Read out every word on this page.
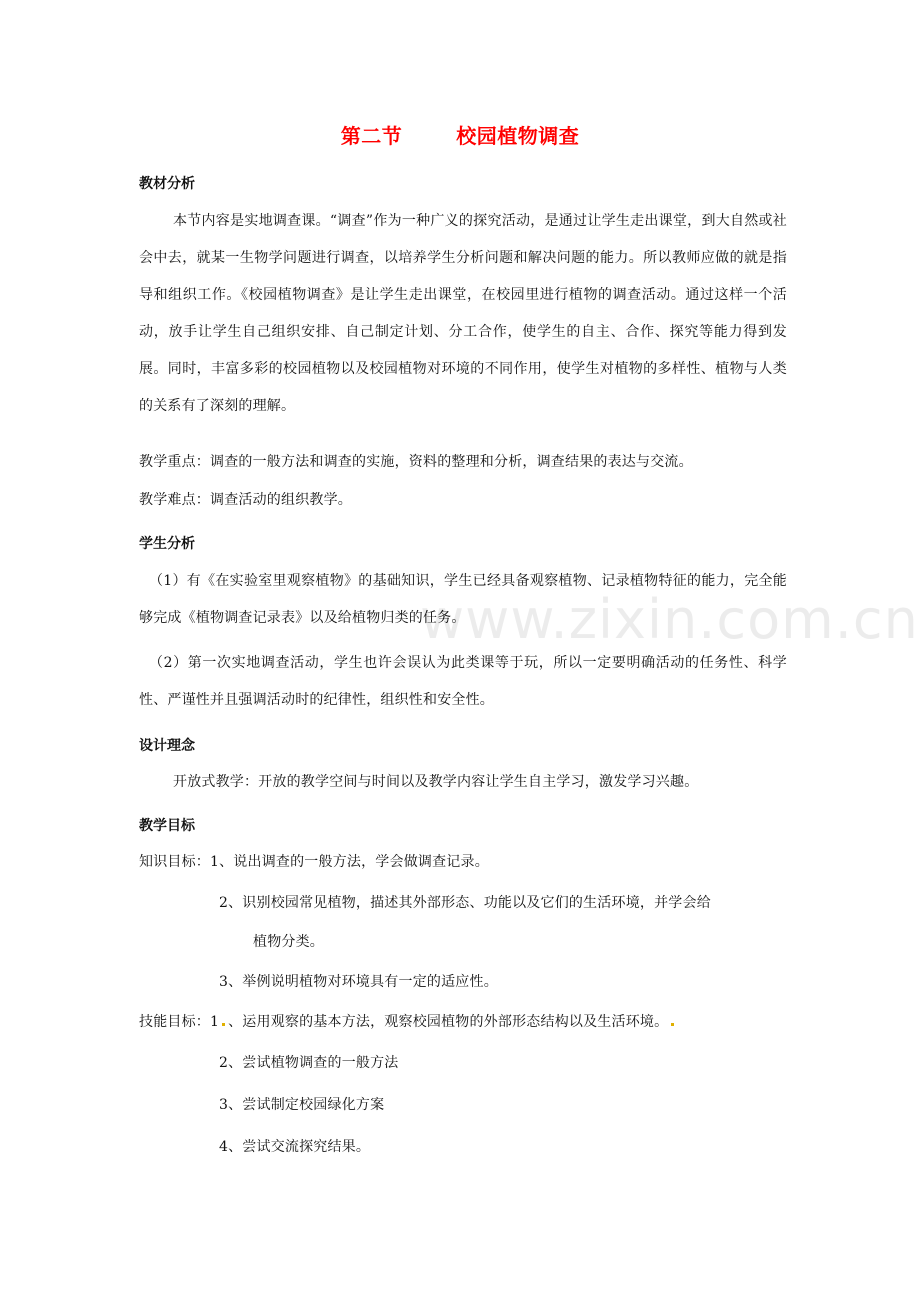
www.zixin.com.cn
第二节	校园植物调查
教材分析
本节内容是实地调查课。“调查”作为一种广义的探究活动，是通过让学生走出课堂，到大自然或社会中去，就某一生物学问题进行调查，以培养学生分析问题和解决问题的能力。所以教师应做的就是指导和组织工作。《校园植物调查》是让学生走出课堂，在校园里进行植物的调查活动。通过这样一个活动，放手让学生自己组织安排、自己制定计划、分工合作，使学生的自主、合作、探究等能力得到发展。同时，丰富多彩的校园植物以及校园植物对环境的不同作用，使学生对植物的多样性、植物与人类的关系有了深刻的理解。
教学重点：调查的一般方法和调查的实施，资料的整理和分析，调查结果的表达与交流。
教学难点：调查活动的组织教学。
学生分析
（1）有《在实验室里观察植物》的基础知识，学生已经具备观察植物、记录植物特征的能力，完全能够完成《植物调查记录表》以及给植物归类的任务。
（2）第一次实地调查活动，学生也许会误认为此类课等于玩，所以一定要明确活动的任务性、科学性、严谨性并且强调活动时的纪律性，组织性和安全性。
设计理念
开放式教学：开放的教学空间与时间以及教学内容让学生自主学习，激发学习兴趣。
教学目标
知识目标：1、说出调查的一般方法，学会做调查记录。
2、识别校园常见植物，描述其外部形态、功能以及它们的生活环境，并学会给
植物分类。
3、举例说明植物对环境具有一定的适应性。
技能目标：1 、运用观察的基本方法，观察校园植物的外部形态结构以及生活环境。
2、尝试植物调查的一般方法
3、尝试制定校园绿化方案
4、尝试交流探究结果。
